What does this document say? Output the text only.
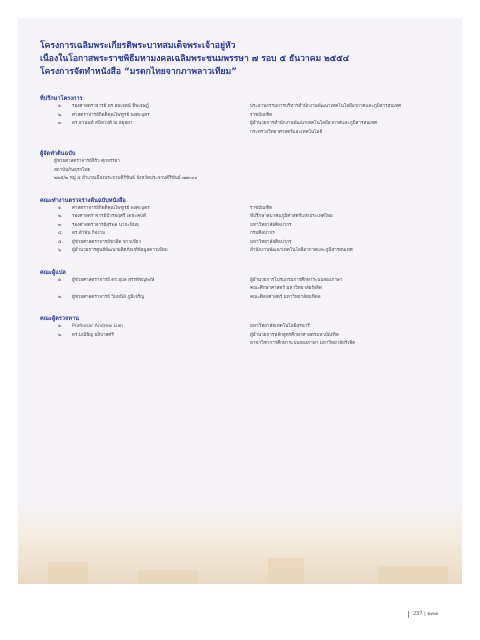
โครงการเฉลิมพระเกียรติพระบาทสมเด็จพระเจ้าอยู่หัว
เนื่องในโอกาสพระราชพิธีมหามงคลเฉลิมพระชนมพรรษา ๗ รอบ ๕ ธันวาคม ๒๕๕๔
โครงการจัดทำหนังสือ “มรดกไทยจากภาพลาวเทียม”
ที่ปรึกษาโครงการ
๑.	รองศาสตราจารย์ ดร.สมเจตน์ ทิพเจษฎ์	ประธานกรรมการบริหารสำนักงานพัฒนาเทคโนโลยีอวกาศและภูมิสารสนเทศ
๒.	ศาสตราจารย์กิตติคุณไพฑูรย์ พงศะบุตร	ราชบัณฑิต
๓.	ดร.อานนท์ สนิทวงศ์ ณ อยุธยา	ผู้อำนวยการสำนักงานพัฒนาเทคโนโลยีอวกาศและภูมิสารสนเทศ
กระทรวงวิทยาศาสตร์และเทคโนโลยี
ผู้จัดทำต้นฉบับ
ผู้ช่วยศาสตราจารย์จิรัว ศุภจรรยา
สถาบันกันธุรกไทย
๒๒๕/๒ หมู่ ๕ อำเภอเมืองประจวบคีรีขันธ์ จังหวัดประจวบคีรีขันธ์ ๗๗๐๐๐
คณะทำงานตรวจร่างต้นฉบับหนังสือ
๑.	ศาสตราจารย์กิตติคุณไพฑูรย์ พงศะบุตร	ราชบัณฑิต
๒.	รองศาสตราจารย์บัวรพฤศรี เดชะคุปต์	ที่ปรึกษาสมาคมภูมิศาสตร์แห่งประเทศไทย
๓.	รองศาสตราจารย์สุรพล นาถะพินธุ	มหาวิทยาลัยศิลปากร
๔.	ดร.อำพัน กิจงาม	กรมศิลปากร
๕.	ผู้ช่วยศาสตราจารย์ชวลิต ขาวเขียว	มหาวิทยาลัยศิลปากร
๖.	ผู้อำนวยการศูนย์พัฒนาผลิตภัณฑ์ข้อมูลดาวเทียม	สำนักงานพัฒนาเทคโนโลยีอวกาศและภูมิสารสนเทศ
คณะผู้แปล
๑.	ผู้ช่วยศาสตราจารย์ ดร.อุบล สรรพัชญพงษ์	ผู้อำนวยการโปรแกรมการศึกษาระบบสองภาษา
คณะศึกษาศาสตร์ มหาวิทยาลัยรังสิต
๒.	ผู้ช่วยศาสตราจารย์ วิมหนิล์ ภูมิเจริญ	คณะศิลปศาสตร์ มหาวิทยาลัยมหิดล
คณะผู้ตรวจทาน
๑.	Professor Andrew Lian	มหาวิทยาลัยเทคโนโลยีสุรนารี
๒.	ดร.มณีพิญ ผลิบาสศรี	ผู้อำนวยการหลักสูตรศึกษาศาสตรมหาบัณฑิต
สาขาวิชาการศึกษาระบบสองภาษา มหาวิทยาลัยรังสิต
237 | ๒๓๗
